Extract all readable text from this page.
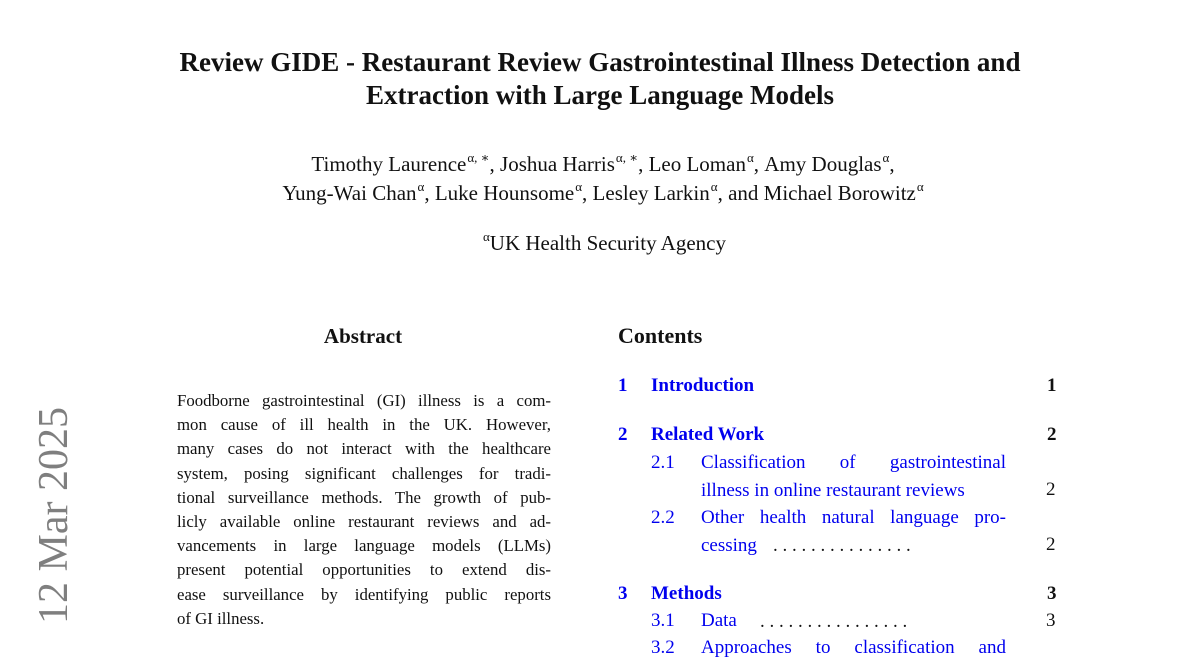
Review GIDE - Restaurant Review Gastrointestinal Illness Detection and
Extraction with Large Language Models
Timothy Laurence$^{\alpha, ∗}$, Joshua Harris$^{\alpha, ∗}$, Leo Loman$^\alpha$, Amy Douglas$^\alpha$,
Yung-Wai Chan$^\alpha$, Luke Hounsome$^\alpha$, Lesley Larkin$^\alpha$, and Michael Borowitz$^\alpha$
$^\alpha$UK Health Security Agency
12 Mar 2025
Abstract
Foodborne gastrointestinal (GI) illness is a com-
mon cause of ill health in the UK. However,
many cases do not interact with the healthcare
system, posing significant challenges for tradi-
tional surveillance methods. The growth of pub-
licly available online restaurant reviews and ad-
vancements in large language models (LLMs)
present potential opportunities to extend dis-
ease surveillance by identifying public reports
of GI illness.
Contents
1 Introduction	1
2 Related Work	2
2.1 Classification of gastrointestinal
illness in online restaurant reviews	2
2.2 Other health natural language pro-
cessing . . . . . . . . . . . . . . .	2
3 Methods	3
3.1 Data . . . . . . . . . . . . . . . .	3
3.2 Approaches to classification and
